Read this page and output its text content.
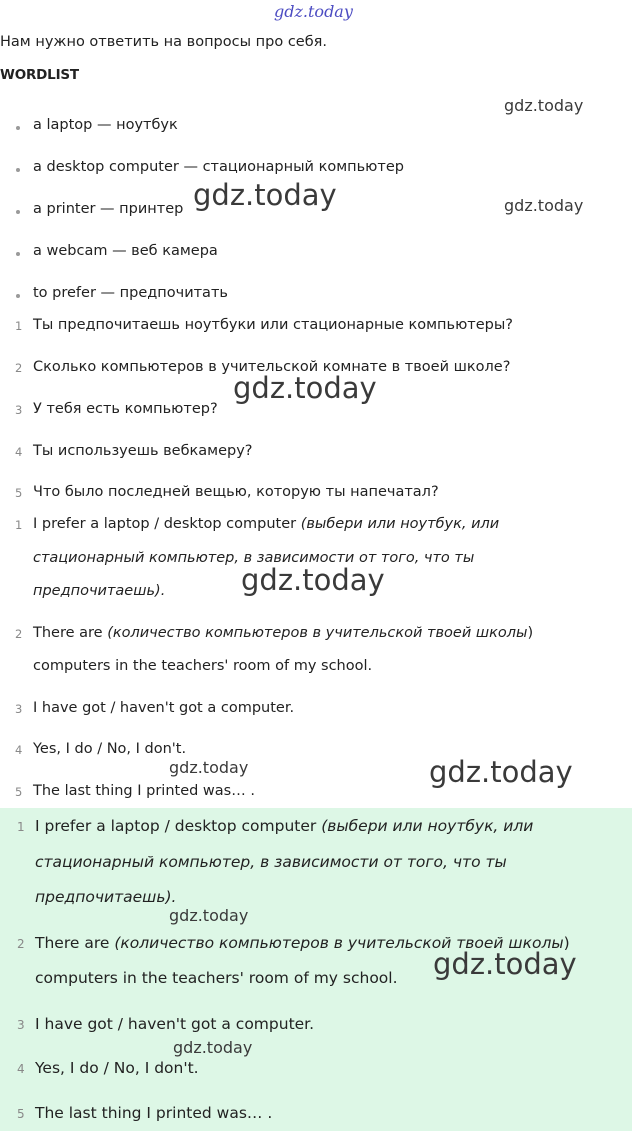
gdz.today
Нам нужно ответить на вопросы про себя.
WORDLIST
a laptop — ноутбук
a desktop computer — стационарный компьютер
a printer — принтер
a webcam — веб камера
to prefer — предпочитать
1 Ты предпочитаешь ноутбуки или стационарные компьютеры?
2 Сколько компьютеров в учительской комнате в твоей школе?
3 У тебя есть компьютер?
4 Ты используешь вебкамеру?
5 Что было последней вещью, которую ты напечатал?
1 I prefer a laptop / desktop computer (выбери или ноутбук, или
стационарный компьютер, в зависимости от того, что ты
предпочитаешь).
2 There are (количество компьютеров в учительской твоей школы)
computers in the teachers' room of my school.
3 I have got / haven't got a computer.
4 Yes, I do / No, I don't.
5 The last thing I printed was… .
1 I prefer a laptop / desktop computer (выбери или ноутбук, или
стационарный компьютер, в зависимости от того, что ты
предпочитаешь).
2 There are (количество компьютеров в учительской твоей школы)
computers in the teachers' room of my school.
3 I have got / haven't got a computer.
4 Yes, I do / No, I don't.
5 The last thing I printed was… .
gdz.today
gdz.today	gdz.today
gdz.today
gdz.today
gdz.today	gdz.today
gdz.today
gdz.today
gdz.today
